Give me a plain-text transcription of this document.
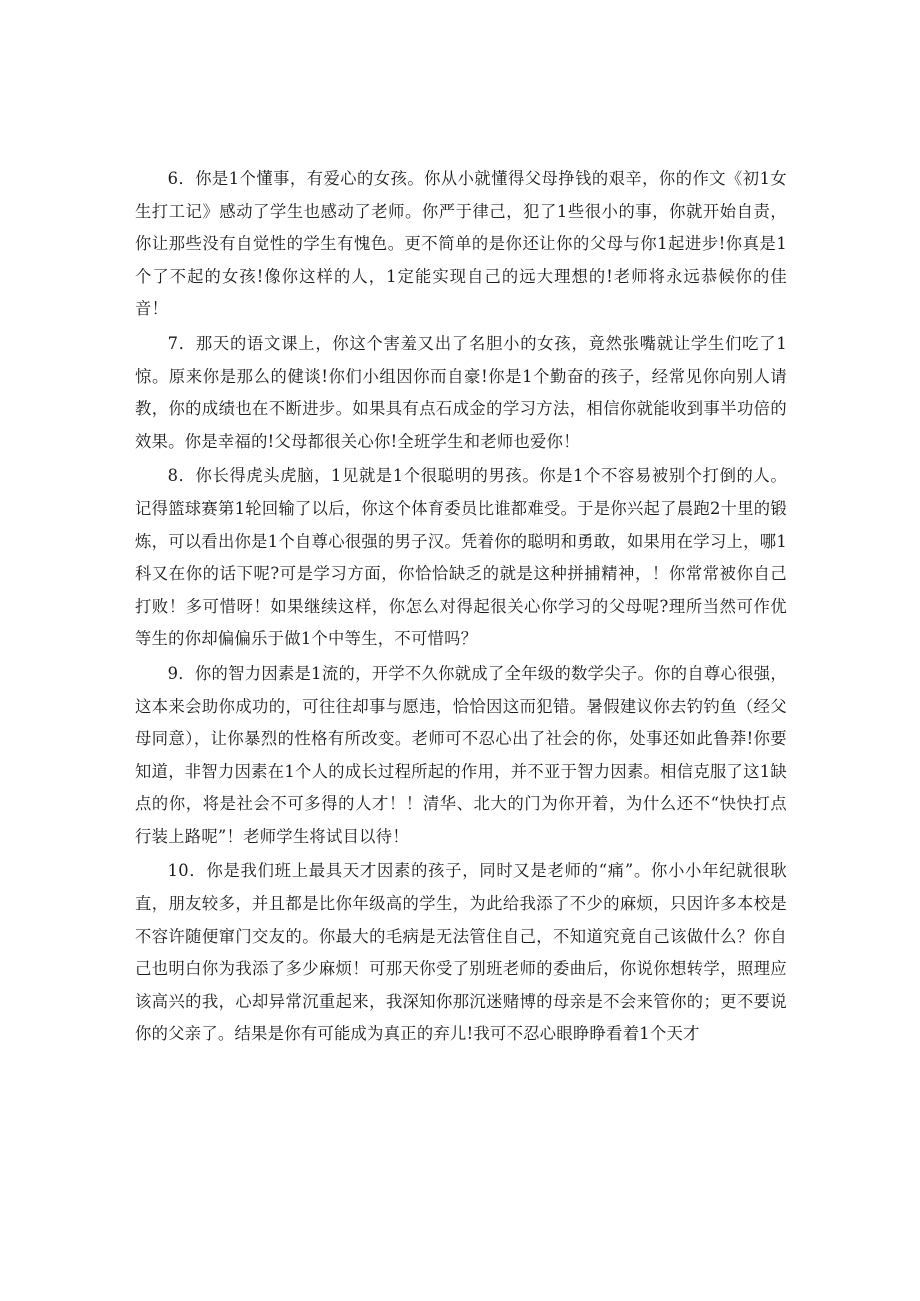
6．你是1个懂事，有爱心的女孩。你从小就懂得父母挣钱的艰辛，你的作文《初1女生打工记》感动了学生也感动了老师。你严于律己，犯了1些很小的事，你就开始自责，你让那些没有自觉性的学生有愧色。更不简单的是你还让你的父母与你1起进步!你真是1个了不起的女孩!像你这样的人，1定能实现自己的远大理想的!老师将永远恭候你的佳音！

7．那天的语文课上，你这个害羞又出了名胆小的女孩，竟然张嘴就让学生们吃了1惊。原来你是那么的健谈!你们小组因你而自豪!你是1个勤奋的孩子，经常见你向别人请教，你的成绩也在不断进步。如果具有点石成金的学习方法，相信你就能收到事半功倍的效果。你是幸福的!父母都很关心你!全班学生和老师也爱你！

8．你长得虎头虎脑，1见就是1个很聪明的男孩。你是1个不容易被别个打倒的人。记得篮球赛第1轮回输了以后，你这个体育委员比谁都难受。于是你兴起了晨跑2十里的锻炼，可以看出你是1个自尊心很强的男子汉。凭着你的聪明和勇敢，如果用在学习上，哪1科又在你的话下呢?可是学习方面，你恰恰缺乏的就是这种拼捕精神，！你常常被你自己打败！多可惜呀！如果继续这样，你怎么对得起很关心你学习的父母呢?理所当然可作优等生的你却偏偏乐于做1个中等生，不可惜吗？

9．你的智力因素是1流的，开学不久你就成了全年级的数学尖子。你的自尊心很强，这本来会助你成功的，可往往却事与愿违，恰恰因这而犯错。暑假建议你去钓钓鱼（经父母同意），让你暴烈的性格有所改变。老师可不忍心出了社会的你，处事还如此鲁莽!你要知道，非智力因素在1个人的成长过程所起的作用，并不亚于智力因素。相信克服了这1缺点的你，将是社会不可多得的人才！！清华、北大的门为你开着，为什么还不“快快打点行装上路呢”！老师学生将试目以待！

10．你是我们班上最具天才因素的孩子，同时又是老师的“痛”。你小小年纪就很耿直，朋友较多，并且都是比你年级高的学生，为此给我添了不少的麻烦，只因许多本校是不容许随便窜门交友的。你最大的毛病是无法管住自己，不知道究竟自己该做什么？你自己也明白你为我添了多少麻烦！可那天你受了别班老师的委曲后，你说你想转学，照理应该高兴的我，心却异常沉重起来，我深知你那沉迷赌博的母亲是不会来管你的；更不要说你的父亲了。结果是你有可能成为真正的弃儿!我可不忍心眼睁睁看着1个天才
